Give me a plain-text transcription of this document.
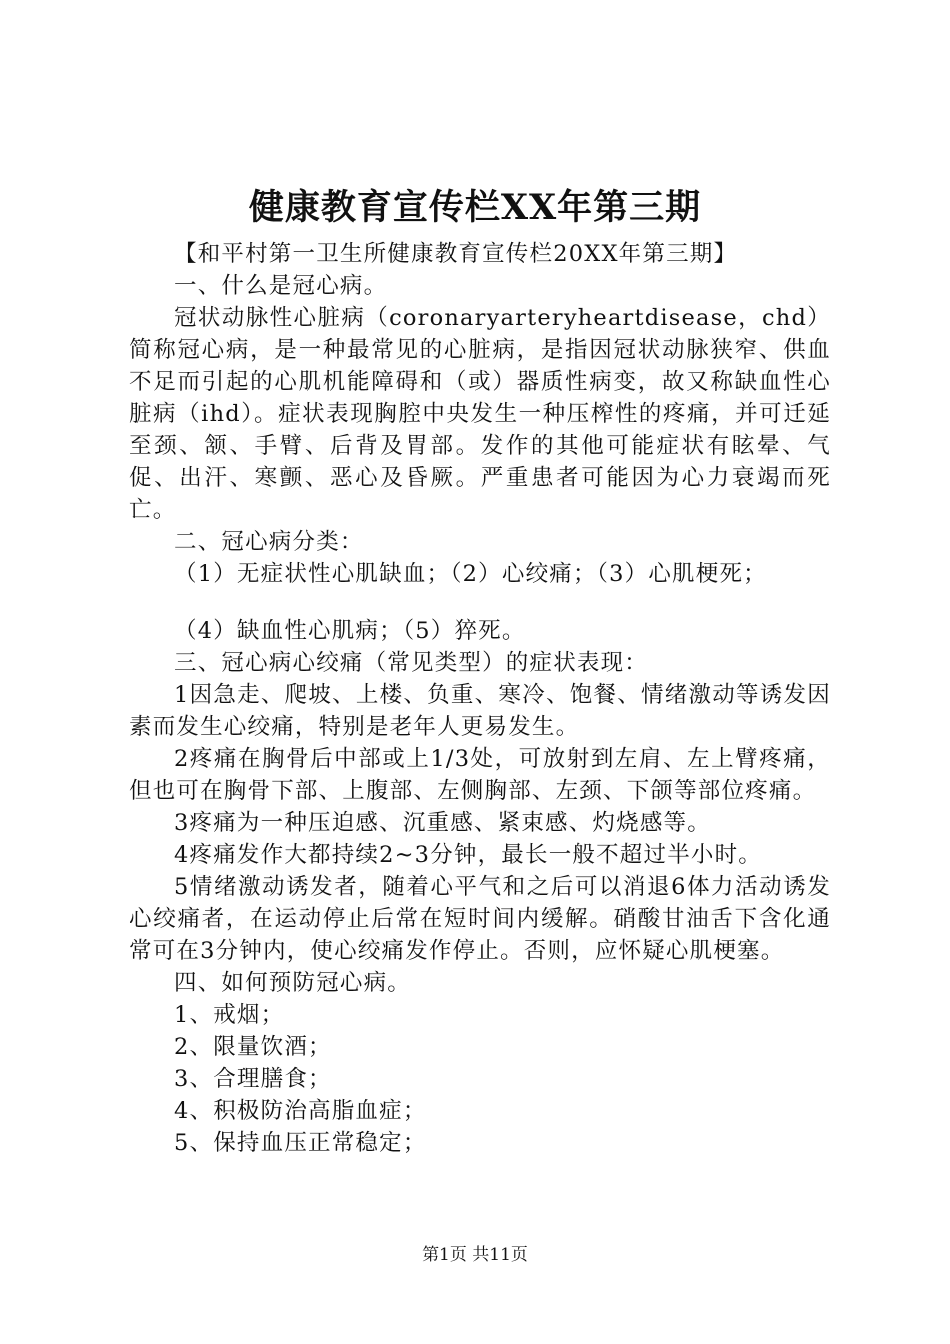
健康教育宣传栏XX年第三期

【和平村第一卫生所健康教育宣传栏20XX年第三期】

一、什么是冠心病。

冠状动脉性心脏病（coronaryarteryheartdisease，chd）简称冠心病，是一种最常见的心脏病，是指因冠状动脉狭窄、供血不足而引起的心肌机能障碍和（或）器质性病变，故又称缺血性心脏病（ihd）。症状表现胸腔中央发生一种压榨性的疼痛，并可迁延至颈、颔、手臂、后背及胃部。发作的其他可能症状有眩晕、气促、出汗、寒颤、恶心及昏厥。严重患者可能因为心力衰竭而死亡。

二、冠心病分类：

（1）无症状性心肌缺血；（2）心绞痛；（3）心肌梗死；

（4）缺血性心肌病；（5）猝死。

三、冠心病心绞痛（常见类型）的症状表现：

1因急走、爬坡、上楼、负重、寒冷、饱餐、情绪激动等诱发因素而发生心绞痛，特别是老年人更易发生。

2疼痛在胸骨后中部或上1/3处，可放射到左肩、左上臂疼痛，但也可在胸骨下部、上腹部、左侧胸部、左颈、下颌等部位疼痛。

3疼痛为一种压迫感、沉重感、紧束感、灼烧感等。

4疼痛发作大都持续2~3分钟，最长一般不超过半小时。

5情绪激动诱发者，随着心平气和之后可以消退6体力活动诱发心绞痛者，在运动停止后常在短时间内缓解。硝酸甘油舌下含化通常可在3分钟内，使心绞痛发作停止。否则，应怀疑心肌梗塞。

四、如何预防冠心病。

1、戒烟；

2、限量饮酒；

3、合理膳食；

4、积极防治高脂血症；

5、保持血压正常稳定；

第1页 共11页
